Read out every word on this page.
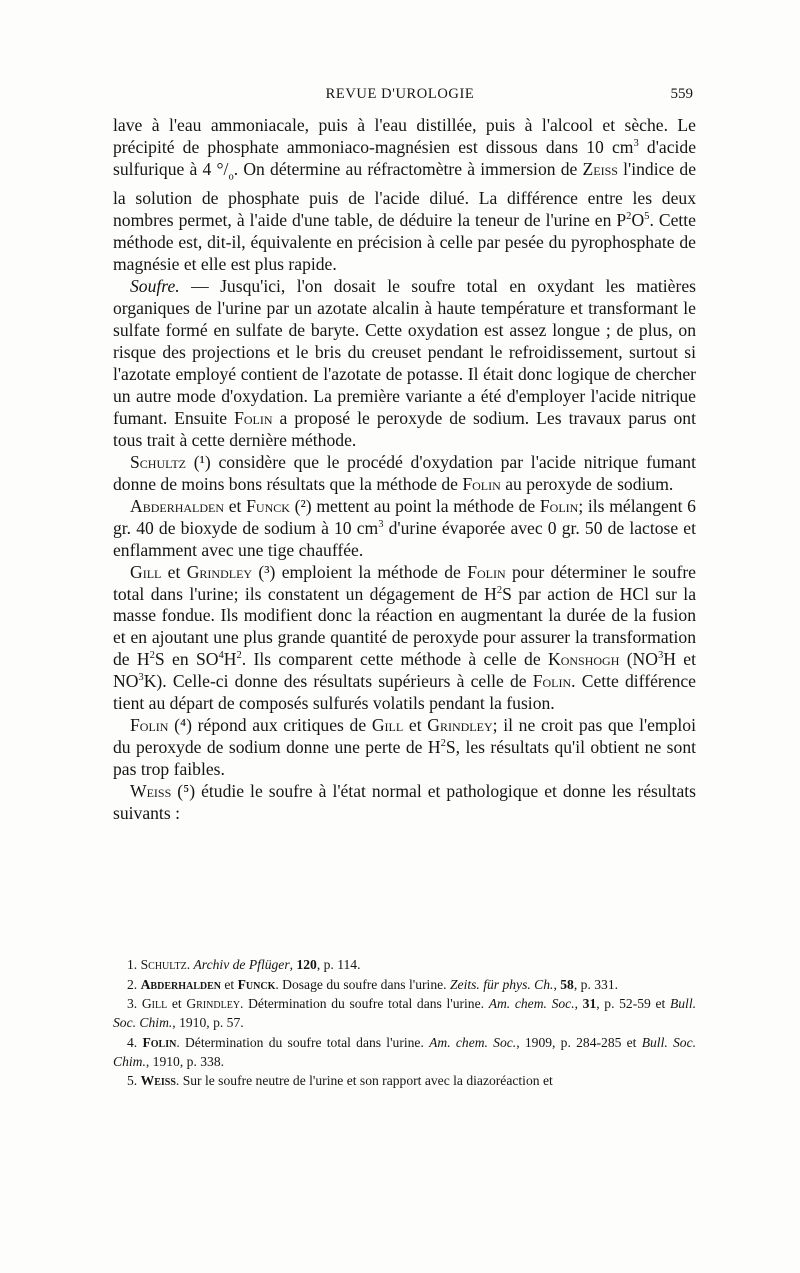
REVUE D'UROLOGIE	559

lave à l'eau ammoniacale, puis à l'eau distillée, puis à l'alcool et sèche. Le précipité de phosphate ammoniaco-magnésien est dissous dans 10 $cm^3$ d'acide sulfurique à 4 $^\circ/_o$. On détermine au réfractomètre à immersion de Zeiss l'indice de la solution de phosphate puis de l'acide dilué. La différence entre les deux nombres permet, à l'aide d'une table, de déduire la teneur de l'urine en $P^2O^5$. Cette méthode est, dit-il, équivalente en précision à celle par pesée du pyrophosphate de magnésie et elle est plus rapide.

Soufre. — Jusqu'ici, l'on dosait le soufre total en oxydant les matières organiques de l'urine par un azotate alcalin à haute température et transformant le sulfate formé en sulfate de baryte. Cette oxydation est assez longue ; de plus, on risque des projections et le bris du creuset pendant le refroidissement, surtout si l'azotate employé contient de l'azotate de potasse. Il était donc logique de chercher un autre mode d'oxydation. La première variante a été d'employer l'acide nitrique fumant. Ensuite Folin a proposé le peroxyde de sodium. Les travaux parus ont tous trait à cette dernière méthode.

Schultz (¹) considère que le procédé d'oxydation par l'acide nitrique fumant donne de moins bons résultats que la méthode de Folin au peroxyde de sodium.

Abderhalden et Funck (²) mettent au point la méthode de Folin; ils mélangent 6 gr. 40 de bioxyde de sodium à 10 $cm^3$ d'urine évaporée avec 0 gr. 50 de lactose et enflamment avec une tige chauffée.

Gill et Grindley (³) emploient la méthode de Folin pour déterminer le soufre total dans l'urine; ils constatent un dégagement de $H^2S$ par action de HCl sur la masse fondue. Ils modifient donc la réaction en augmentant la durée de la fusion et en ajoutant une plus grande quantité de peroxyde pour assurer la transformation de $H^2S$ en $SO^4H^2$. Ils comparent cette méthode à celle de Konshogh ($NO^3H$ et $NO^3K$). Celle-ci donne des résultats supérieurs à celle de Folin. Cette différence tient au départ de composés sulfurés volatils pendant la fusion.

Folin (⁴) répond aux critiques de Gill et Grindley; il ne croit pas que l'emploi du peroxyde de sodium donne une perte de $H^2S$, les résultats qu'il obtient ne sont pas trop faibles.

Weiss (⁵) étudie le soufre à l'état normal et pathologique et donne les résultats suivants :

1. Schultz. Archiv de Pflüger, 120, p. 114.

2. Abderhalden et Funck. Dosage du soufre dans l'urine. Zeits. für phys. Ch., 58, p. 331.

3. Gill et Grindley. Détermination du soufre total dans l'urine. Am. chem. Soc., 31, p. 52-59 et Bull. Soc. Chim., 1910, p. 57.

4. Folin. Détermination du soufre total dans l'urine. Am. chem. Soc., 1909, p. 284-285 et Bull. Soc. Chim., 1910, p. 338.

5. Weiss. Sur le soufre neutre de l'urine et son rapport avec la diazoréaction et
